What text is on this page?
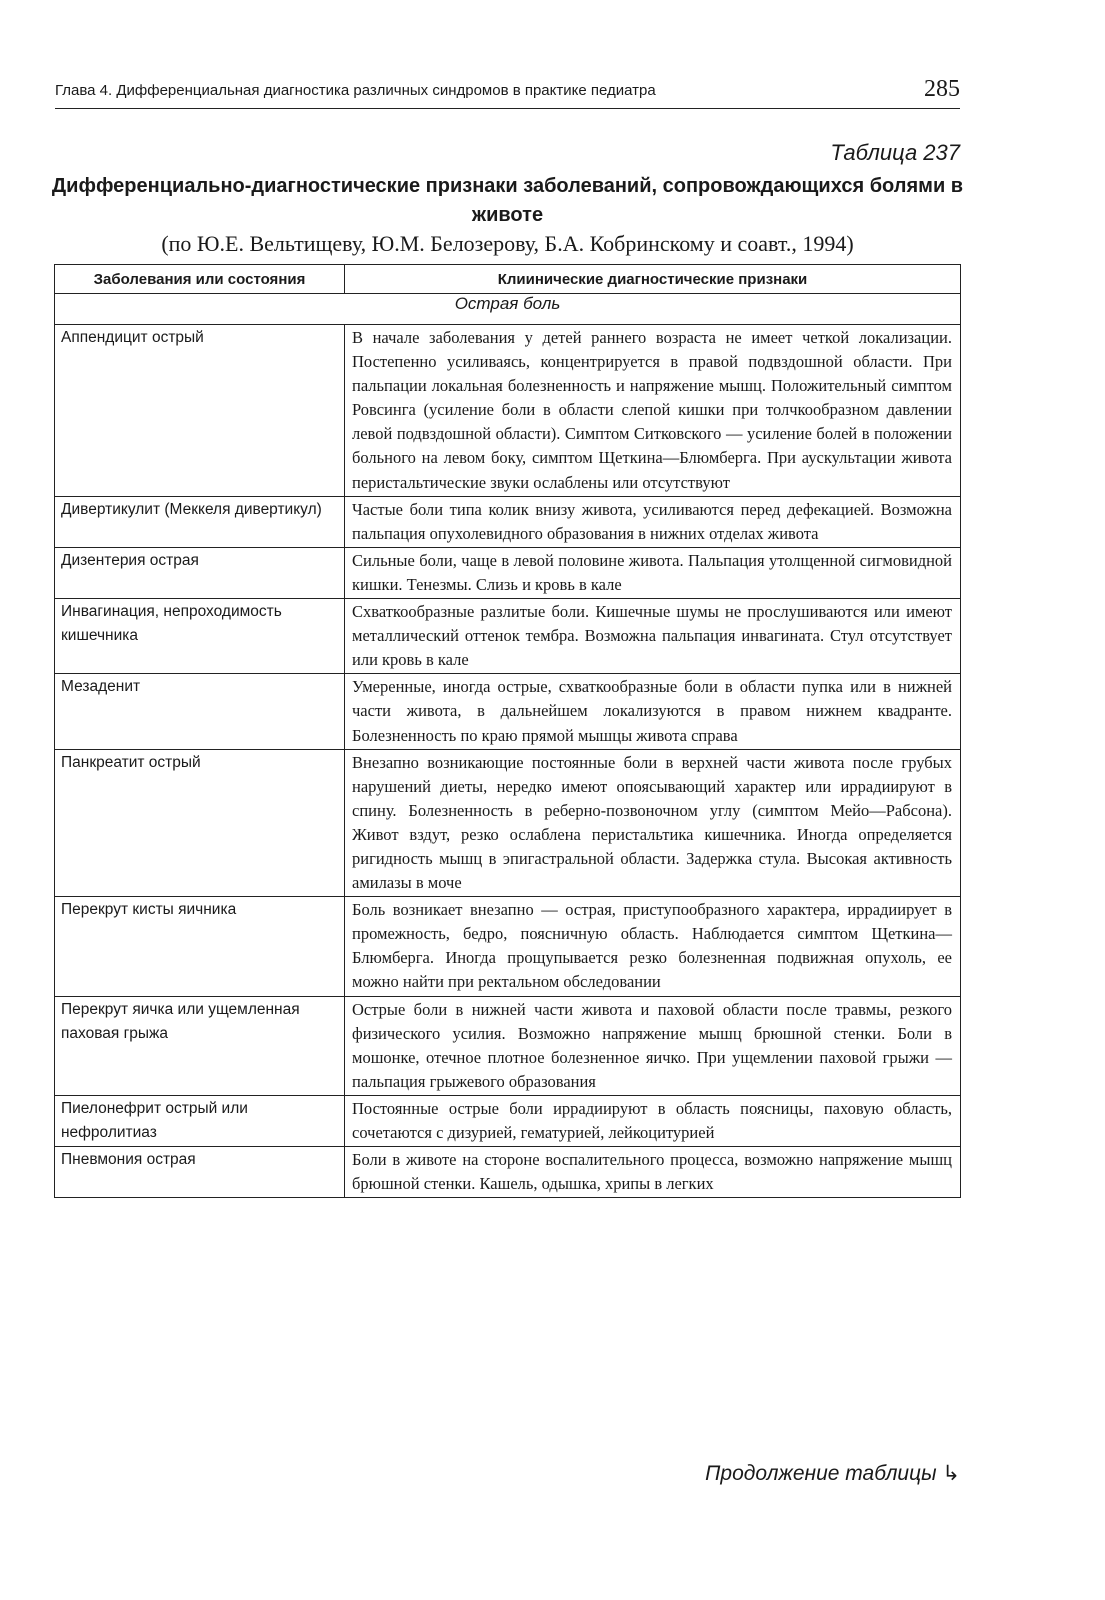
Глава 4. Дифференциальная диагностика различных синдромов в практике педиатра	285
Таблица 237
Дифференциально-диагностические признаки заболеваний, сопровождающихся болями в животе
(по Ю.Е. Вельтищеву, Ю.М. Белозерову, Б.А. Кобринскому и соавт., 1994)
Заболевания или состояния	Клиинические диагностические признаки
Острая боль	
Аппендицит острый	В начале заболевания у детей раннего возраста не имеет четкой локализации. Постепенно усиливаясь, концентрируется в правой подвздошной области. При пальпации локальная болезненность и напряжение мышц. Положительный симптом Ровсинга (усиление боли в области слепой кишки при толчкообразном давлении левой подвздошной области). Симптом Ситковского — усиление болей в положении больного на левом боку, симптом Щеткина—Блюмберга. При аускультации живота перистальтические звуки ослаблены или отсутствуют
Дивертикулит (Меккеля дивертикул)	Частые боли типа колик внизу живота, усиливаются перед дефекацией. Возможна пальпация опухолевидного образования в нижних отделах живота
Дизентерия острая	Сильные боли, чаще в левой половине живота. Пальпация утолщенной сигмовидной кишки. Тенезмы. Слизь и кровь в кале
Инвагинация, непроходимость кишечника	Схваткообразные разлитые боли. Кишечные шумы не прослушиваются или имеют металлический оттенок тембра. Возможна пальпация инвагината. Стул отсутствует или кровь в кале
Мезаденит	Умеренные, иногда острые, схваткообразные боли в области пупка или в нижней части живота, в дальнейшем локализуются в правом нижнем квадранте. Болезненность по краю прямой мышцы живота справа
Панкреатит острый	Внезапно возникающие постоянные боли в верхней части живота после грубых нарушений диеты, нередко имеют опоясывающий характер или иррадиируют в спину. Болезненность в реберно-позвоночном углу (симптом Мейо—Рабсона). Живот вздут, резко ослаблена перистальтика кишечника. Иногда определяется ригидность мышц в эпигастральной области. Задержка стула. Высокая активность амилазы в моче
Перекрут кисты яичника	Боль возникает внезапно — острая, приступообразного характера, иррадиирует в промежность, бедро, поясничную область. Наблюдается симптом Щеткина—Блюмберга. Иногда прощупывается резко болезненная подвижная опухоль, ее можно найти при ректальном обследовании
Перекрут яичка или ущемленная паховая грыжа	Острые боли в нижней части живота и паховой области после травмы, резкого физического усилия. Возможно напряжение мышц брюшной стенки. Боли в мошонке, отечное плотное болезненное яичко. При ущемлении паховой грыжи — пальпация грыжевого образования
Пиелонефрит острый или нефролитиаз	Постоянные острые боли иррадиируют в область поясницы, паховую область, сочетаются с дизурией, гематурией, лейкоцитурией
Пневмония острая	Боли в животе на стороне воспалительного процесса, возможно напряжение мышц брюшной стенки. Кашель, одышка, хрипы в легких
Продолжение таблицы ↳
